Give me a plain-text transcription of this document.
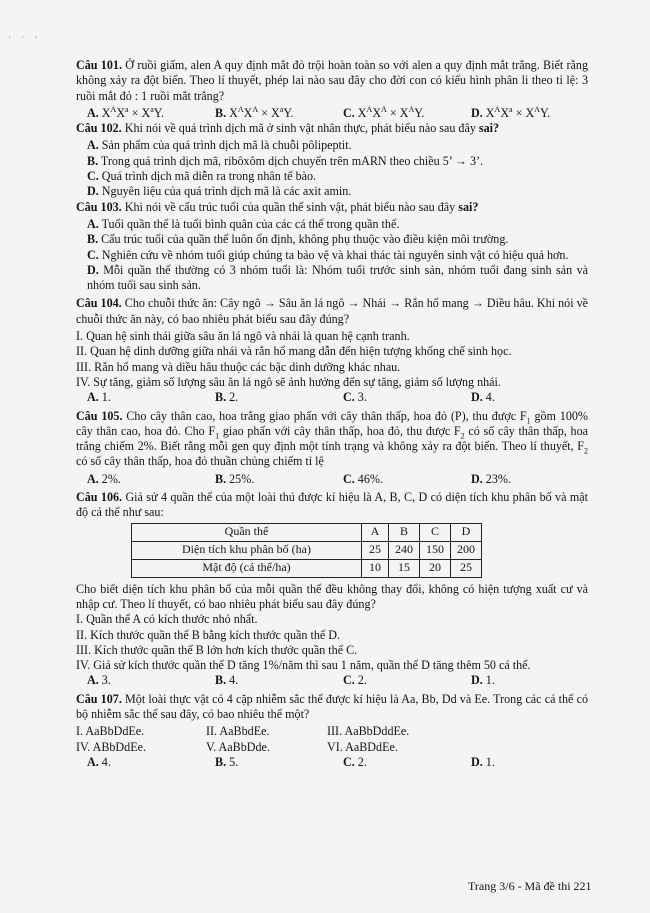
· · ·
Câu 101. Ở ruồi giấm, alen A quy định mắt đỏ trội hoàn toàn so với alen a quy định mắt trắng. Biết rằng không xảy ra đột biến. Theo lí thuyết, phép lai nào sau đây cho đời con có kiểu hình phân li theo tỉ lệ: 3 ruồi mắt đỏ : 1 ruồi mắt trắng?
A. $X^AX^a \times X^aY$.	B. $X^AX^A \times X^aY$.	C. $X^AX^A \times X^AY$.	D. $X^AX^a \times X^AY$.
Câu 102. Khi nói về quá trình dịch mã ở sinh vật nhân thực, phát biểu nào sau đây sai?
A. Sản phẩm của quá trình dịch mã là chuỗi pôlipeptit.
B. Trong quá trình dịch mã, ribôxôm dịch chuyển trên mARN theo chiều 5’ → 3’.
C. Quá trình dịch mã diễn ra trong nhân tế bào.
D. Nguyên liệu của quá trình dịch mã là các axit amin.
Câu 103. Khi nói về cấu trúc tuổi của quần thể sinh vật, phát biểu nào sau đây sai?
A. Tuổi quần thể là tuổi bình quân của các cá thể trong quần thể.
B. Cấu trúc tuổi của quần thể luôn ổn định, không phụ thuộc vào điều kiện môi trường.
C. Nghiên cứu về nhóm tuổi giúp chúng ta bảo vệ và khai thác tài nguyên sinh vật có hiệu quả hơn.
D. Mỗi quần thể thường có 3 nhóm tuổi là: Nhóm tuổi trước sinh sản, nhóm tuổi đang sinh sản và nhóm tuổi sau sinh sản.
Câu 104. Cho chuỗi thức ăn: Cây ngô → Sâu ăn lá ngô → Nhái → Rắn hổ mang → Diều hâu. Khi nói về chuỗi thức ăn này, có bao nhiêu phát biểu sau đây đúng?
I. Quan hệ sinh thái giữa sâu ăn lá ngô và nhái là quan hệ cạnh tranh.
II. Quan hệ dinh dưỡng giữa nhái và rắn hổ mang dẫn đến hiện tượng khống chế sinh học.
III. Rắn hổ mang và diều hâu thuộc các bậc dinh dưỡng khác nhau.
IV. Sự tăng, giảm số lượng sâu ăn lá ngô sẽ ảnh hưởng đến sự tăng, giảm số lượng nhái.
A. 1.	B. 2.	C. 3.	D. 4.
Câu 105. Cho cây thân cao, hoa trắng giao phấn với cây thân thấp, hoa đỏ (P), thu được $F_1$ gồm 100% cây thân cao, hoa đỏ. Cho $F_1$ giao phấn với cây thân thấp, hoa đỏ, thu được $F_2$ có số cây thân thấp, hoa trắng chiếm 2%. Biết rằng mỗi gen quy định một tính trạng và không xảy ra đột biến. Theo lí thuyết, $F_2$ có số cây thân thấp, hoa đỏ thuần chủng chiếm tỉ lệ
A. 2%.	B. 25%.	C. 46%.	D. 23%.
Câu 106. Giả sử 4 quần thể của một loài thú được kí hiệu là A, B, C, D có diện tích khu phân bố và mật độ cá thể như sau:
Quần thể	A	B	C	D
Diện tích khu phân bố (ha)	25	240	150	200
Mật độ (cá thể/ha)	10	15	20	25
Cho biết diện tích khu phân bố của mỗi quần thể đều không thay đổi, không có hiện tượng xuất cư và nhập cư. Theo lí thuyết, có bao nhiêu phát biểu sau đây đúng?
I. Quần thể A có kích thước nhỏ nhất.
II. Kích thước quần thể B bằng kích thước quần thể D.
III. Kích thước quần thể B lớn hơn kích thước quần thể C.
IV. Giả sử kích thước quần thể D tăng 1%/năm thì sau 1 năm, quần thể D tăng thêm 50 cá thể.
A. 3.	B. 4.	C. 2.	D. 1.
Câu 107. Một loài thực vật có 4 cặp nhiễm sắc thể được kí hiệu là Aa, Bb, Dd và Ee. Trong các cá thể có bộ nhiễm sắc thể sau đây, có bao nhiêu thể một?
I. AaBbDdEe.	II. AaBbdEe.	III. AaBbDddEe.
IV. ABbDdEe.	V. AaBbDde.	VI. AaBDdEe.
A. 4.	B. 5.	C. 2.	D. 1.
Trang 3/6 - Mã đề thi 221
